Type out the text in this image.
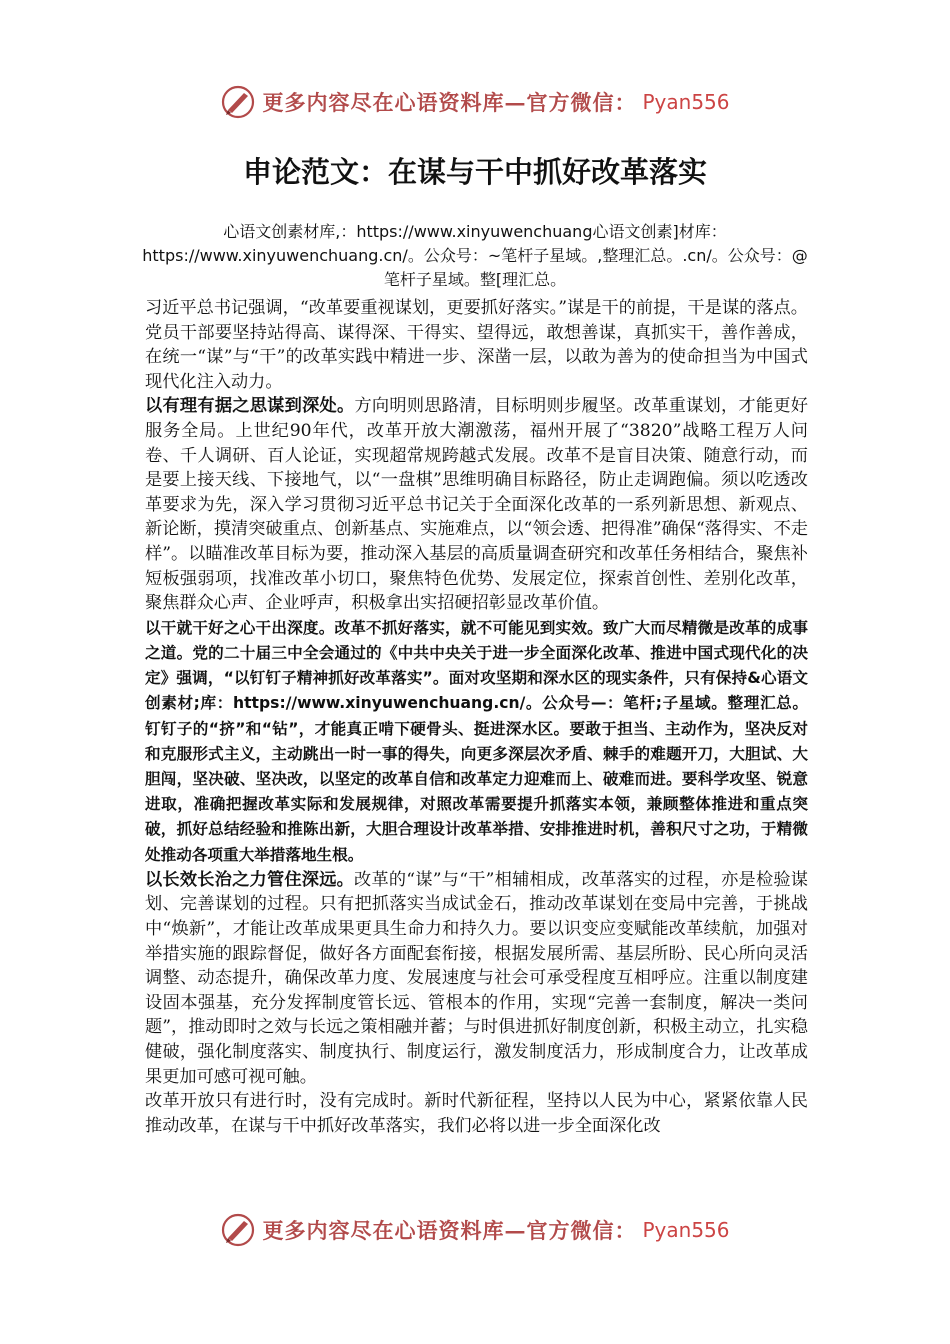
更多内容尽在心语资料库—官方微信： Pyan556
申论范文：在谋与干中抓好改革落实
心语文创素材库,：https://www.xinyuwenchuang心语文创素]材库：https://www.xinyuwenchuang.cn/。公众号：~笔杆子星域。,整理汇总。.cn/。公众号：@笔杆子星域。整[理汇总。

习近平总书记强调，“改革要重视谋划，更要抓好落实。”谋是干的前提，干是谋的落点。党员干部要坚持站得高、谋得深、干得实、望得远，敢想善谋，真抓实干，善作善成，在统一“谋”与“干”的改革实践中精进一步、深凿一层，以敢为善为的使命担当为中国式现代化注入动力。

以有理有据之思谋到深处。方向明则思路清，目标明则步履坚。改革重谋划，才能更好服务全局。上世纪90年代，改革开放大潮激荡，福州开展了“3820”战略工程万人问卷、千人调研、百人论证，实现超常规跨越式发展。改革不是盲目决策、随意行动，而是要上接天线、下接地气，以“一盘棋”思维明确目标路径，防止走调跑偏。须以吃透改革要求为先，深入学习贯彻习近平总书记关于全面深化改革的一系列新思想、新观点、新论断，摸清突破重点、创新基点、实施难点，以“领会透、把得准”确保“落得实、不走样”。以瞄准改革目标为要，推动深入基层的高质量调查研究和改革任务相结合，聚焦补短板强弱项，找准改革小切口，聚焦特色优势、发展定位，探索首创性、差别化改革，聚焦群众心声、企业呼声，积极拿出实招硬招彰显改革价值。

以干就干好之心干出深度。改革不抓好落实，就不可能见到实效。致广大而尽精微是改革的成事之道。党的二十届三中全会通过的《中共中央关于进一步全面深化改革、推进中国式现代化的决定》强调，“以钉钉子精神抓好改革落实”。面对攻坚期和深水区的现实条件，只有保持&心语文创素材;库：https://www.xinyuwenchuang.cn/。公众号—：笔杆;子星域。整理汇总。钉钉子的“挤”和“钻”，才能真正啃下硬骨头、挺进深水区。要敢于担当、主动作为，坚决反对和克服形式主义，主动跳出一时一事的得失，向更多深层次矛盾、棘手的难题开刀，大胆试、大胆闯，坚决破、坚决改，以坚定的改革自信和改革定力迎难而上、破难而进。要科学攻坚、锐意进取，准确把握改革实际和发展规律，对照改革需要提升抓落实本领，兼顾整体推进和重点突破，抓好总结经验和推陈出新，大胆合理设计改革举措、安排推进时机，善积尺寸之功，于精微处推动各项重大举措落地生根。

以长效长治之力管住深远。改革的“谋”与“干”相辅相成，改革落实的过程，亦是检验谋划、完善谋划的过程。只有把抓落实当成试金石，推动改革谋划在变局中完善，于挑战中“焕新”，才能让改革成果更具生命力和持久力。要以识变应变赋能改革续航，加强对举措实施的跟踪督促，做好各方面配套衔接，根据发展所需、基层所盼、民心所向灵活调整、动态提升，确保改革力度、发展速度与社会可承受程度互相呼应。注重以制度建设固本强基，充分发挥制度管长远、管根本的作用，实现“完善一套制度，解决一类问题”，推动即时之效与长远之策相融并蓄；与时俱进抓好制度创新，积极主动立，扎实稳健破，强化制度落实、制度执行、制度运行，激发制度活力，形成制度合力，让改革成果更加可感可视可触。

改革开放只有进行时，没有完成时。新时代新征程，坚持以人民为中心，紧紧依靠人民推动改革，在谋与干中抓好改革落实，我们必将以进一步全面深化改

更多内容尽在心语资料库—官方微信： Pyan556
